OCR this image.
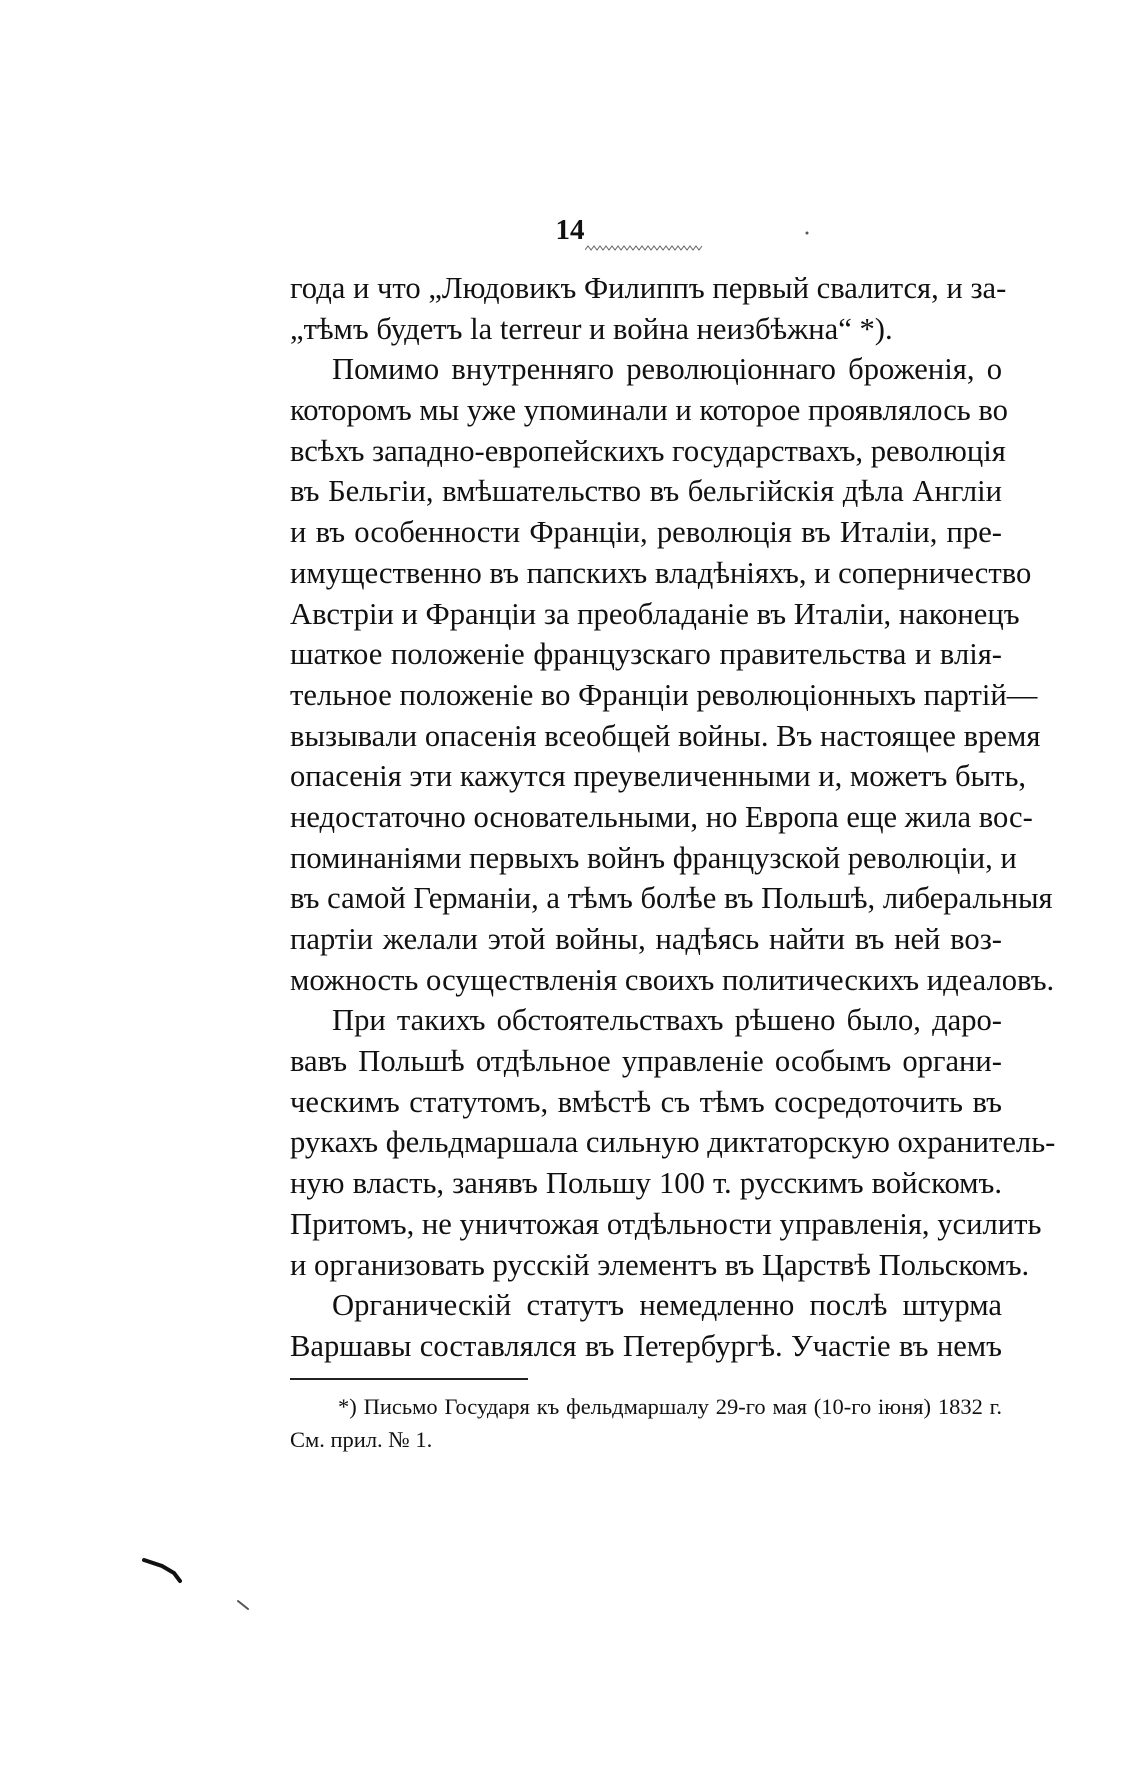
14
года и что „Людовикъ Филиппъ первый свалится, и за-
„тѣмъ будетъ la terreur и война неизбѣжна“ *).
Помимо внутренняго революціоннаго броженія, о
которомъ мы уже упоминали и которое проявлялось во
всѣхъ западно-европейскихъ государствахъ, революція
въ Бельгіи, вмѣшательство въ бельгійскія дѣла Англіи
и въ особенности Франціи, революція въ Италіи, пре-
имущественно въ папскихъ владѣніяхъ, и соперничество
Австріи и Франціи за преобладаніе въ Италіи, наконецъ
шаткое положеніе французскаго правительства и влія-
тельное положеніе во Франціи революціонныхъ партій—
вызывали опасенія всеобщей войны. Въ настоящее время
опасенія эти кажутся преувеличенными и, можетъ быть,
недостаточно основательными, но Европа еще жила вос-
поминаніями первыхъ войнъ французской революціи, и
въ самой Германіи, а тѣмъ болѣе въ Польшѣ, либеральныя
партіи желали этой войны, надѣясь найти въ ней воз-
можность осуществленія своихъ политическихъ идеаловъ.
При такихъ обстоятельствахъ рѣшено было, даро-
вавъ Польшѣ отдѣльное управленіе особымъ органи-
ческимъ статутомъ, вмѣстѣ съ тѣмъ сосредоточить въ
рукахъ фельдмаршала сильную диктаторскую охранитель-
ную власть, занявъ Польшу 100 т. русскимъ войскомъ.
Притомъ, не уничтожая отдѣльности управленія, усилить
и организовать русскій элементъ въ Царствѣ Польскомъ.
Органическій статутъ немедленно послѣ штурма
Варшавы составлялся въ Петербургѣ. Участіе въ немъ
*) Письмо Государя къ фельдмаршалу 29-го мая (10-го іюня) 1832 г.
См. прил. № 1.
